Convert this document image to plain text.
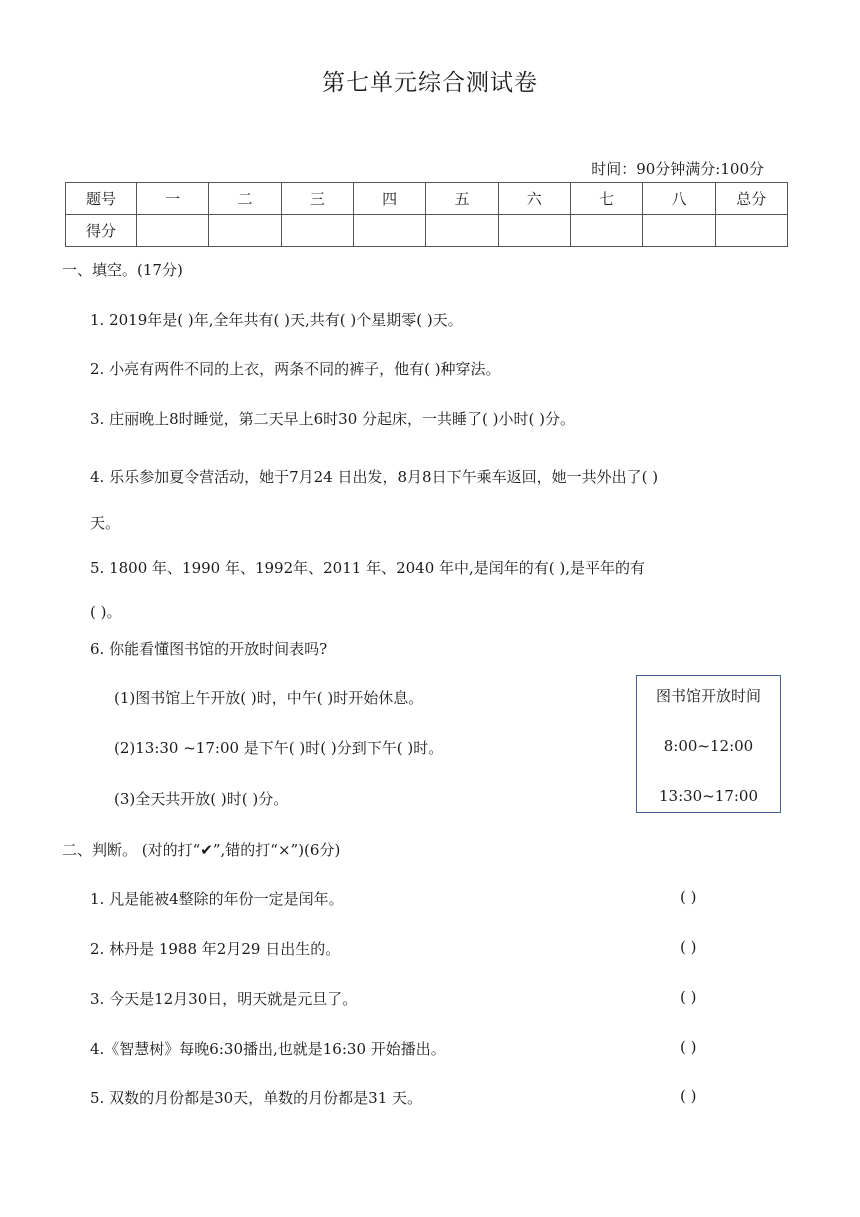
第七单元综合测试卷
时间：90分钟满分:100分
题号	一	二	三	四	五	六	七	八	总分
得分									
一、填空。(17分)
1. 2019年是( )年,全年共有( )天,共有( )个星期零( )天。
2. 小亮有两件不同的上衣，两条不同的裤子，他有( )种穿法。
3. 庄丽晚上8时睡觉，第二天早上6时30 分起床，一共睡了( )小时( )分。
4. 乐乐参加夏令营活动，她于7月24 日出发，8月8日下午乘车返回，她一共外出了( )
天。
5. 1800 年、1990 年、1992年、2011 年、2040 年中,是闰年的有( ),是平年的有
( )。
6. 你能看懂图书馆的开放时间表吗?
(1)图书馆上午开放( )时，中午( )时开始休息。
(2)13:30 ~17:00 是下午( )时( )分到下午( )时。
(3)全天共开放( )时( )分。
图书馆开放时间
8:00~12:00
13:30~17:00
二、判断。 (对的打“✔”,错的打“×”)(6分)
1. 凡是能被4整除的年份一定是闰年。	( )
2. 林丹是 1988 年2月29 日出生的。	( )
3. 今天是12月30日，明天就是元旦了。	( )
4.《智慧树》每晚6:30播出,也就是16:30 开始播出。	( )
5. 双数的月份都是30天，单数的月份都是31 天。	( )
